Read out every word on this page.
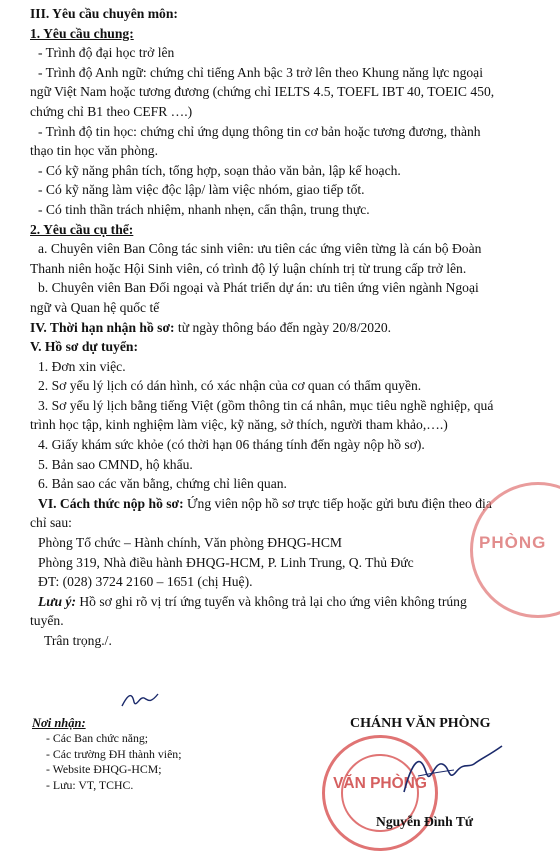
III. Yêu cầu chuyên môn:
1. Yêu cầu chung:
- Trình độ đại học trở lên
- Trình độ Anh ngữ: chứng chỉ tiếng Anh bậc 3 trở lên theo Khung năng lực ngoại
ngữ Việt Nam hoặc tương đương (chứng chỉ IELTS 4.5, TOEFL IBT 40, TOEIC 450,
chứng chỉ B1 theo CEFR ….)
- Trình độ tin học: chứng chỉ ứng dụng thông tin cơ bản hoặc tương đương, thành
thạo tin học văn phòng.
- Có kỹ năng phân tích, tổng hợp, soạn thảo văn bản, lập kế hoạch.
- Có kỹ năng làm việc độc lập/ làm việc nhóm, giao tiếp tốt.
- Có tinh thần trách nhiệm, nhanh nhẹn, cẩn thận, trung thực.
2. Yêu cầu cụ thể:
a. Chuyên viên Ban Công tác sinh viên: ưu tiên các ứng viên từng là cán bộ Đoàn
Thanh niên hoặc Hội Sinh viên, có trình độ lý luận chính trị từ trung cấp trở lên.
b. Chuyên viên Ban Đối ngoại và Phát triển dự án: ưu tiên ứng viên ngành Ngoại
ngữ và Quan hệ quốc tế
IV. Thời hạn nhận hồ sơ: từ ngày thông báo đến ngày 20/8/2020.
V. Hồ sơ dự tuyển:
1. Đơn xin việc.
2. Sơ yếu lý lịch có dán hình, có xác nhận của cơ quan có thẩm quyền.
3. Sơ yếu lý lịch bằng tiếng Việt (gồm thông tin cá nhân, mục tiêu nghề nghiệp, quá
trình học tập, kinh nghiệm làm việc, kỹ năng, sở thích, người tham khảo,….)
4. Giấy khám sức khỏe (có thời hạn 06 tháng tính đến ngày nộp hồ sơ).
5. Bản sao CMND, hộ khẩu.
6. Bản sao các văn bằng, chứng chỉ liên quan.
VI. Cách thức nộp hồ sơ: Ứng viên nộp hồ sơ trực tiếp hoặc gửi bưu điện theo địa
chỉ sau:
Phòng Tổ chức – Hành chính, Văn phòng ĐHQG-HCM
Phòng 319, Nhà điều hành ĐHQG-HCM, P. Linh Trung, Q. Thủ Đức
ĐT: (028) 3724 2160 – 1651 (chị Huệ).
Lưu ý: Hồ sơ ghi rõ vị trí ứng tuyển và không trả lại cho ứng viên không trúng
tuyển.
Trân trọng./.
PHÒNG
Nơi nhận:
- Các Ban chức năng;
- Các trường ĐH thành viên;
- Website ĐHQG-HCM;
- Lưu: VT, TCHC.
CHÁNH VĂN PHÒNG
VĂN PHÒNG
Nguyễn Đình Tứ
